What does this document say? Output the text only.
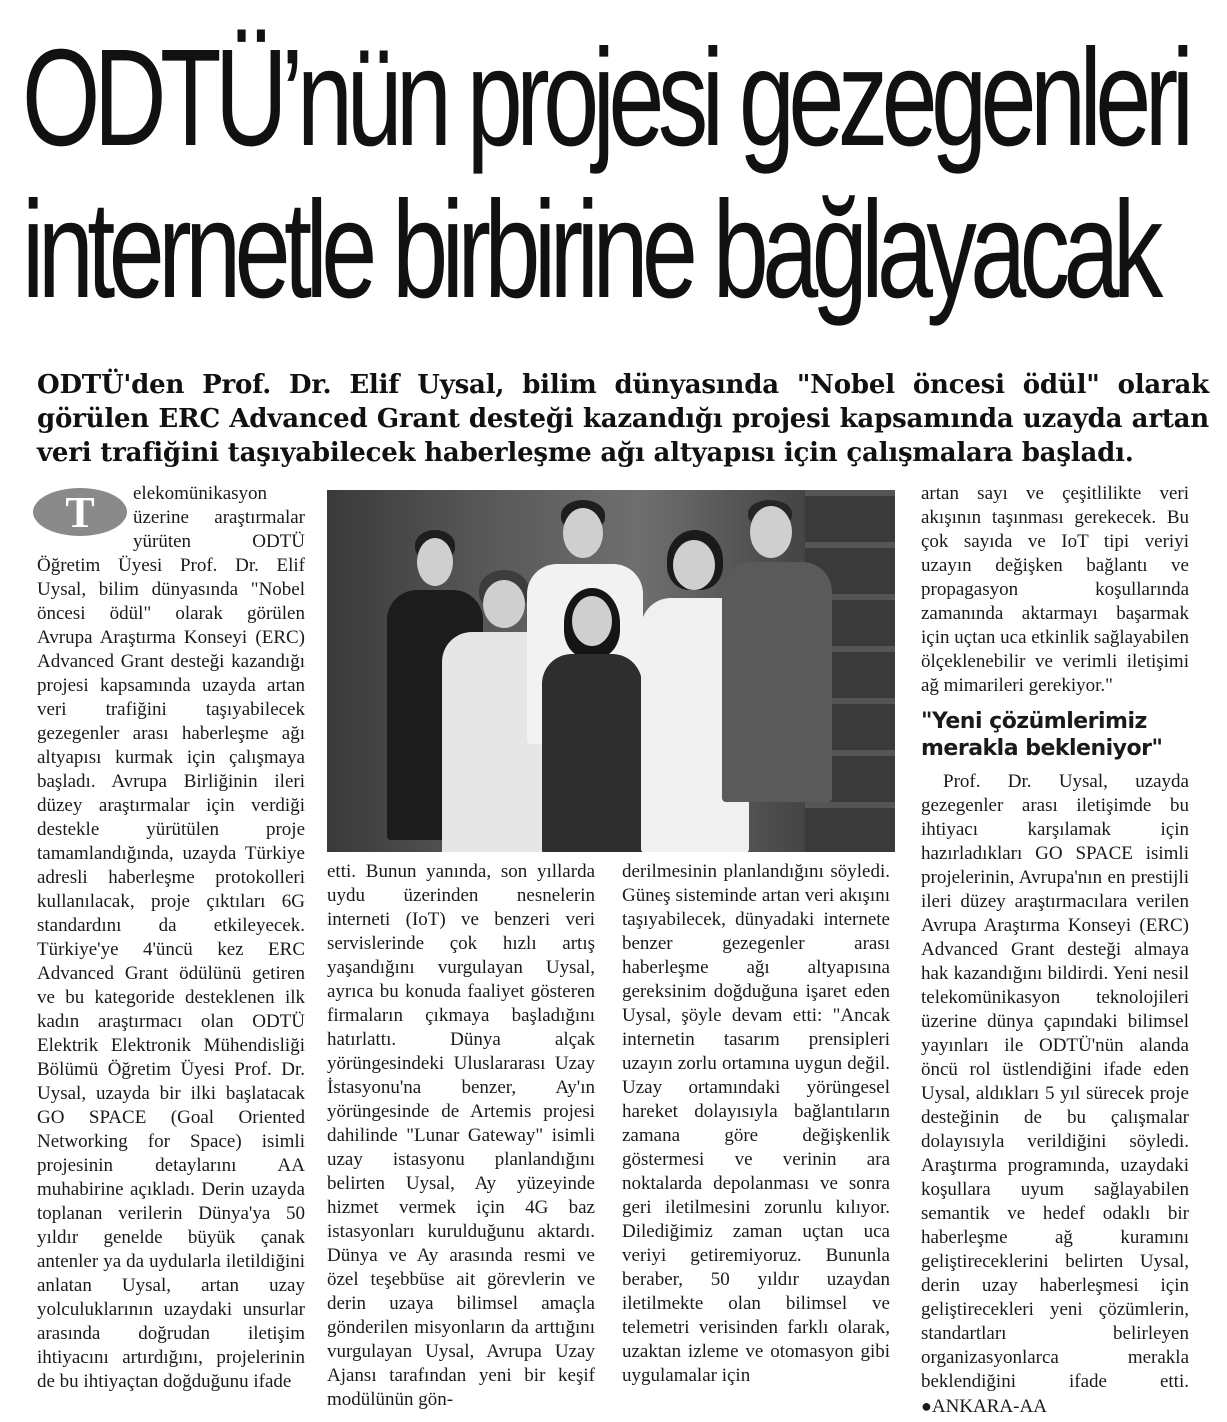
ODTÜ’nün projesi gezegenleri
internetle birbirine bağlayacak

ODTÜ'den Prof. Dr. Elif Uysal, bilim dünyasında "Nobel öncesi ödül" olarak görülen ERC Advanced Grant desteği kazandığı projesi kapsamında uzayda artan veri trafiğini taşıyabilecek haberleşme ağı altyapısı için çalışmalara başladı.

T	elekomünikasyon üzerine araştırmalar yürüten ODTÜ Öğretim Üyesi Prof. Dr. Elif Uysal, bilim dünyasında "Nobel öncesi ödül" olarak görülen Avrupa Araştırma Konseyi (ERC) Advanced Grant desteği kazandığı projesi kapsamında uzayda artan veri trafiğini taşıyabilecek gezegenler arası haberleşme ağı altyapısı kurmak için çalışmaya başladı. Avrupa Birliğinin ileri düzey araştırmalar için verdiği destekle yürütülen proje tamamlandığında, uzayda Türkiye adresli haberleşme protokolleri kullanılacak, proje çıktıları 6G standardını da etkileyecek. Türkiye'ye 4'üncü kez ERC Advanced Grant ödülünü getiren ve bu kategoride desteklenen ilk kadın araştırmacı olan ODTÜ Elektrik Elektronik Mühendisliği Bölümü Öğretim Üyesi Prof. Dr. Uysal, uzayda bir ilki başlatacak GO SPACE (Goal Oriented Networking for Space) isimli projesinin detaylarını AA muhabirine açıkladı. Derin uzayda toplanan verilerin Dünya'ya 50 yıldır genelde büyük çanak antenler ya da uydularla iletildiğini anlatan Uysal, artan uzay yolculuklarının uzaydaki unsurlar arasında doğrudan iletişim ihtiyacını artırdığını, projelerinin de bu ihtiyaçtan doğduğunu ifade
etti. Bunun yanında, son yıllarda uydu üzerinden nesnelerin interneti (IoT) ve benzeri veri servislerinde çok hızlı artış yaşandığını vurgulayan Uysal, ayrıca bu konuda faaliyet gösteren firmaların çıkmaya başladığını hatırlattı. Dünya alçak yörüngesindeki Uluslararası Uzay İstasyonu'na benzer, Ay'ın yörüngesinde de Artemis projesi dahilinde "Lunar Gateway" isimli uzay istasyonu planlandığını belirten Uysal, Ay yüzeyinde hizmet vermek için 4G baz istasyonları kurulduğunu aktardı. Dünya ve Ay arasında resmi ve özel teşebbüse ait görevlerin ve derin uzaya bilimsel amaçla gönderilen misyonların da arttığını vurgulayan Uysal, Avrupa Uzay Ajansı tarafından yeni bir keşif modülünün gön-
derilmesinin planlandığını söyledi. Güneş sisteminde artan veri akışını taşıyabilecek, dünyadaki internete benzer gezegenler arası haberleşme ağı altyapısına gereksinim doğduğuna işaret eden Uysal, şöyle devam etti: "Ancak internetin tasarım prensipleri uzayın zorlu ortamına uygun değil. Uzay ortamındaki yörüngesel hareket dolayısıyla bağlantıların zamana göre değişkenlik göstermesi ve verinin ara noktalarda depolanması ve sonra geri iletilmesini zorunlu kılıyor. Dilediğimiz zaman uçtan uca veriyi getiremiyoruz. Bununla beraber, 50 yıldır uzaydan iletilmekte olan bilimsel ve telemetri verisinden farklı olarak, uzaktan izleme ve otomasyon gibi uygulamalar için
artan sayı ve çeşitlilikte veri akışının taşınması gerekecek. Bu çok sayıda ve IoT tipi veriyi uzayın değişken bağlantı ve propagasyon koşullarında zamanında aktarmayı başarmak için uçtan uca etkinlik sağlayabilen ölçeklenebilir ve verimli iletişimi ağ mimarileri gerekiyor."
"Yeni çözümlerimiz merakla bekleniyor"
Prof. Dr. Uysal, uzayda gezegenler arası iletişimde bu ihtiyacı karşılamak için hazırladıkları GO SPACE isimli projelerinin, Avrupa'nın en prestijli ileri düzey araştırmacılara verilen Avrupa Araştırma Konseyi (ERC) Advanced Grant desteği almaya hak kazandığını bildirdi. Yeni nesil telekomünikasyon teknolojileri üzerine dünya çapındaki bilimsel yayınları ile ODTÜ'nün alanda öncü rol üstlendiğini ifade eden Uysal, aldıkları 5 yıl sürecek proje desteğinin de bu çalışmalar dolayısıyla verildiğini söyledi. Araştırma programında, uzaydaki koşullara uyum sağlayabilen semantik ve hedef odaklı bir haberleşme ağ kuramını geliştireceklerini belirten Uysal, derin uzay haberleşmesi için geliştirecekleri yeni çözümlerin, standartları belirleyen organizasyonlarca merakla beklendiğini ifade etti. ●ANKARA-AA
